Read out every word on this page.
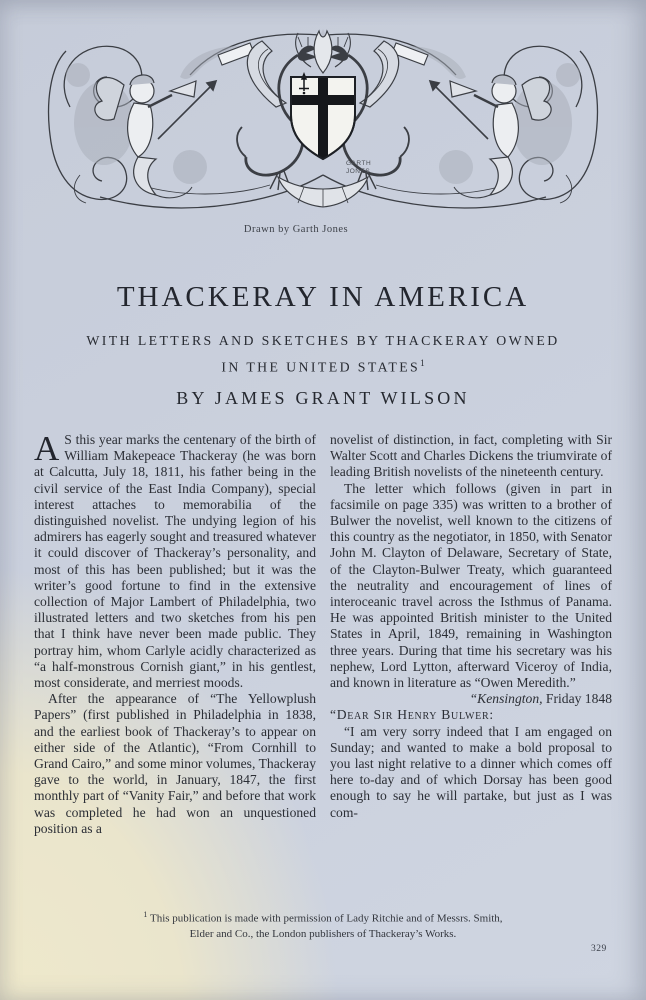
GARTH
JONES
Drawn by Garth Jones
THACKERAY IN AMERICA
WITH LETTERS AND SKETCHES BY THACKERAY OWNED
IN THE UNITED STATES$^1$
BY JAMES GRANT WILSON

A S this year marks the centenary of the birth of William Makepeace Thackeray (he was born at Calcutta, July 18, 1811, his father being in the civil service of the East India Company), special interest attaches to memorabilia of the distinguished novelist. The undying legion of his admirers has eagerly sought and treasured whatever it could discover of Thackeray’s personality, and most of this has been published; but it was the writer’s good fortune to find in the extensive collection of Major Lambert of Philadelphia, two illustrated letters and two sketches from his pen that I think have never been made public. They portray him, whom Carlyle acidly characterized as “a half-monstrous Cornish giant,” in his gentlest, most considerate, and merriest moods.

After the appearance of “The Yellowplush Papers” (first published in Philadelphia in 1838, and the earliest book of Thackeray’s to appear on either side of the Atlantic), “From Cornhill to Grand Cairo,” and some minor volumes, Thackeray gave to the world, in January, 1847, the first monthly part of “Vanity Fair,” and before that work was completed he had won an unquestioned position as a

novelist of distinction, in fact, completing with Sir Walter Scott and Charles Dickens the triumvirate of leading British novelists of the nineteenth century.

The letter which follows (given in part in facsimile on page 335) was written to a brother of Bulwer the novelist, well known to the citizens of this country as the negotiator, in 1850, with Senator John M. Clayton of Delaware, Secretary of State, of the Clayton-Bulwer Treaty, which guaranteed the neutrality and encouragement of lines of interoceanic travel across the Isthmus of Panama. He was appointed British minister to the United States in April, 1849, remaining in Washington three years. During that time his secretary was his nephew, Lord Lytton, afterward Viceroy of India, and known in literature as “Owen Meredith.”

“Kensington, Friday 1848

“Dear Sir Henry Bulwer:

“I am very sorry indeed that I am engaged on Sunday; and wanted to make a bold proposal to you last night relative to a dinner which comes off here to-day and of which Dorsay has been good enough to say he will partake, but just as I was com-

$^1$ This publication is made with permission of Lady Ritchie and of Messrs. Smith,
Elder and Co., the London publishers of Thackeray’s Works.
329
